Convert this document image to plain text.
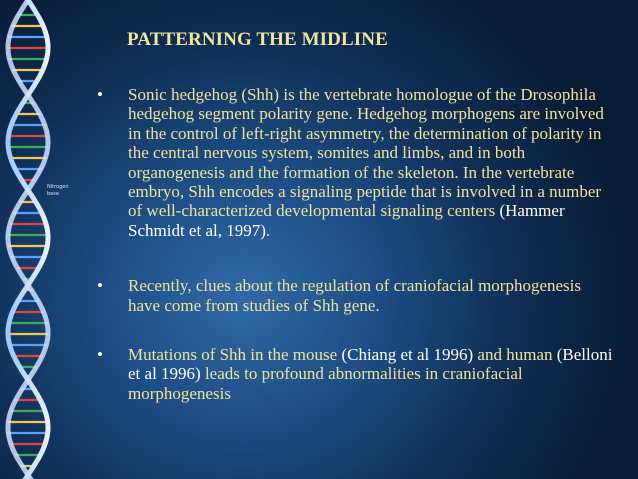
Nitrogen base
PATTERNING THE MIDLINE
•	Sonic hedgehog (Shh) is the vertebrate homologue of the Drosophila hedgehog segment polarity gene. Hedgehog morphogens are involved in the control of left-right asymmetry, the determination of polarity in the central nervous system, somites and limbs, and in both organogenesis and the formation of the skeleton. In the vertebrate embryo, Shh encodes a signaling peptide that is involved in a number of well-characterized developmental signaling centers (Hammer Schmidt et al, 1997).
•	Recently, clues about the regulation of craniofacial morphogenesis have come from studies of Shh gene.
•	Mutations of Shh in the mouse (Chiang et al 1996) and human (Belloni et al 1996) leads to profound abnormalities in craniofacial morphogenesis
